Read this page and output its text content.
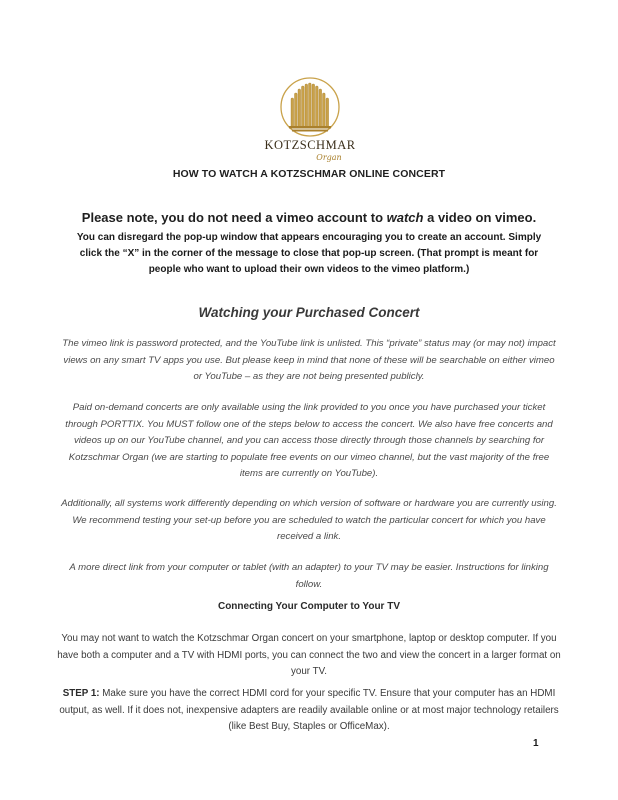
KOTZSCHMAR
Organ
HOW TO WATCH A KOTZSCHMAR ONLINE CONCERT
Please note, you do not need a vimeo account to watch a video on vimeo.
You can disregard the pop-up window that appears encouraging you to create an account. Simply click the “X” in the corner of the message to close that pop-up screen. (That prompt is meant for people who want to upload their own videos to the vimeo platform.)
Watching your Purchased Concert
The vimeo link is password protected, and the YouTube link is unlisted. This “private” status may (or may not) impact views on any smart TV apps you use. But please keep in mind that none of these will be searchable on either vimeo or YouTube – as they are not being presented publicly.
Paid on-demand concerts are only available using the link provided to you once you have purchased your ticket through PORTTIX. You MUST follow one of the steps below to access the concert. We also have free concerts and videos up on our YouTube channel, and you can access those directly through those channels by searching for Kotzschmar Organ (we are starting to populate free events on our vimeo channel, but the vast majority of the free items are currently on YouTube).
Additionally, all systems work differently depending on which version of software or hardware you are currently using. We recommend testing your set-up before you are scheduled to watch the particular concert for which you have received a link.
A more direct link from your computer or tablet (with an adapter) to your TV may be easier. Instructions for linking follow.
Connecting Your Computer to Your TV
You may not want to watch the Kotzschmar Organ concert on your smartphone, laptop or desktop computer. If you have both a computer and a TV with HDMI ports, you can connect the two and view the concert in a larger format on your TV.
STEP 1: Make sure you have the correct HDMI cord for your specific TV. Ensure that your computer has an HDMI output, as well. If it does not, inexpensive adapters are readily available online or at most major technology retailers (like Best Buy, Staples or OfficeMax).
1
